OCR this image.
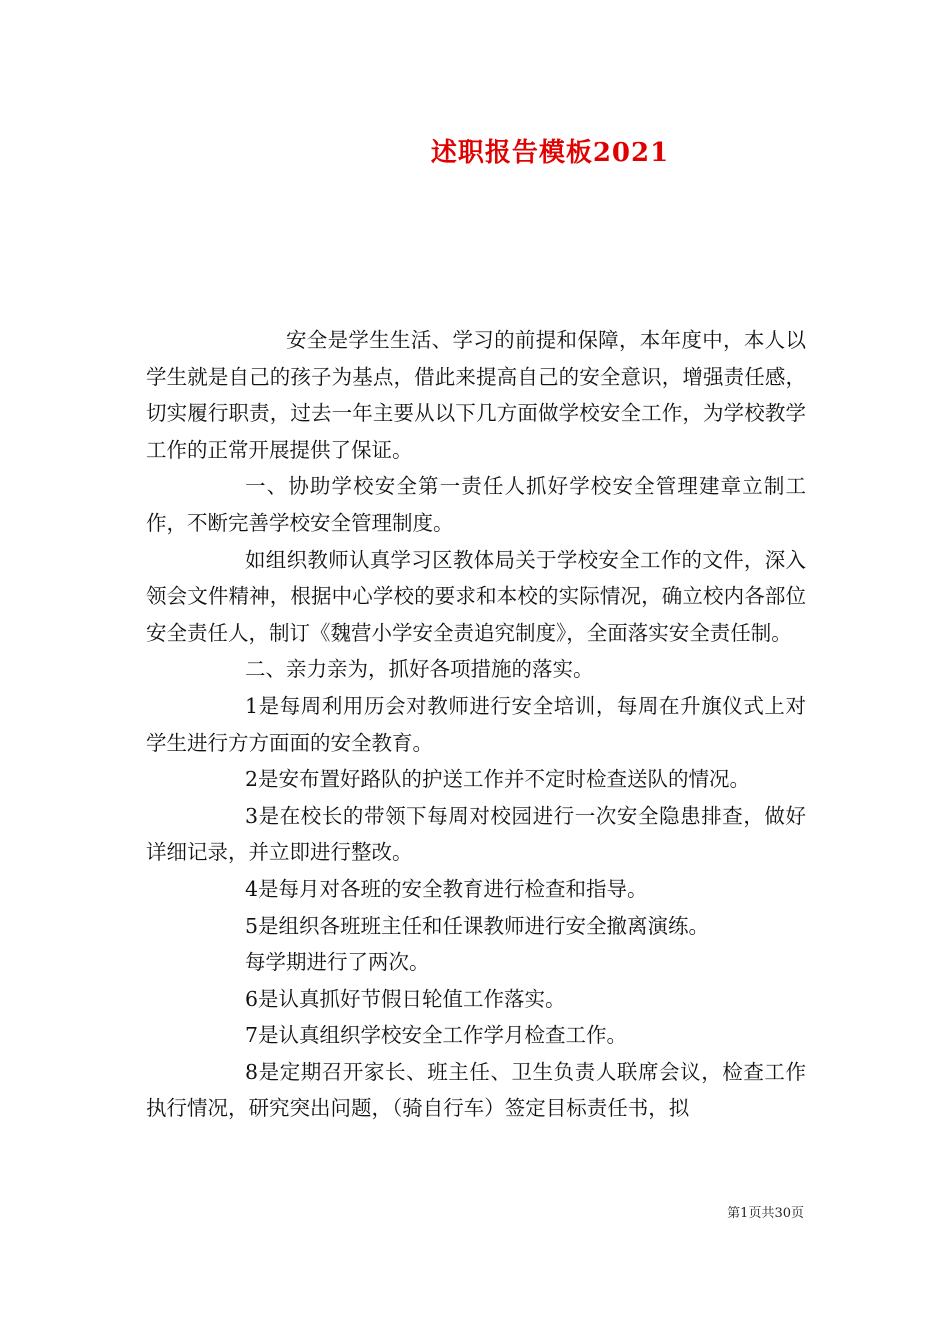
述职报告模板2021

安全是学生生活、学习的前提和保障，本年度中，本人以学生就是自己的孩子为基点，借此来提高自己的安全意识，增强责任感，切实履行职责，过去一年主要从以下几方面做学校安全工作，为学校教学工作的正常开展提供了保证。

一、协助学校安全第一责任人抓好学校安全管理建章立制工作，不断完善学校安全管理制度。

如组织教师认真学习区教体局关于学校安全工作的文件，深入领会文件精神，根据中心学校的要求和本校的实际情况，确立校内各部位安全责任人，制订《魏营小学安全责追究制度》，全面落实安全责任制。

二、亲力亲为，抓好各项措施的落实。

1是每周利用历会对教师进行安全培训，每周在升旗仪式上对学生进行方方面面的安全教育。

2是安布置好路队的护送工作并不定时检查送队的情况。

3是在校长的带领下每周对校园进行一次安全隐患排查，做好详细记录，并立即进行整改。

4是每月对各班的安全教育进行检查和指导。

5是组织各班班主任和任课教师进行安全撤离演练。

每学期进行了两次。

6是认真抓好节假日轮值工作落实。

7是认真组织学校安全工作学月检查工作。

8是定期召开家长、班主任、卫生负责人联席会议，检查工作执行情况，研究突出问题，（骑自行车）签定目标责任书，拟

第1页共30页
